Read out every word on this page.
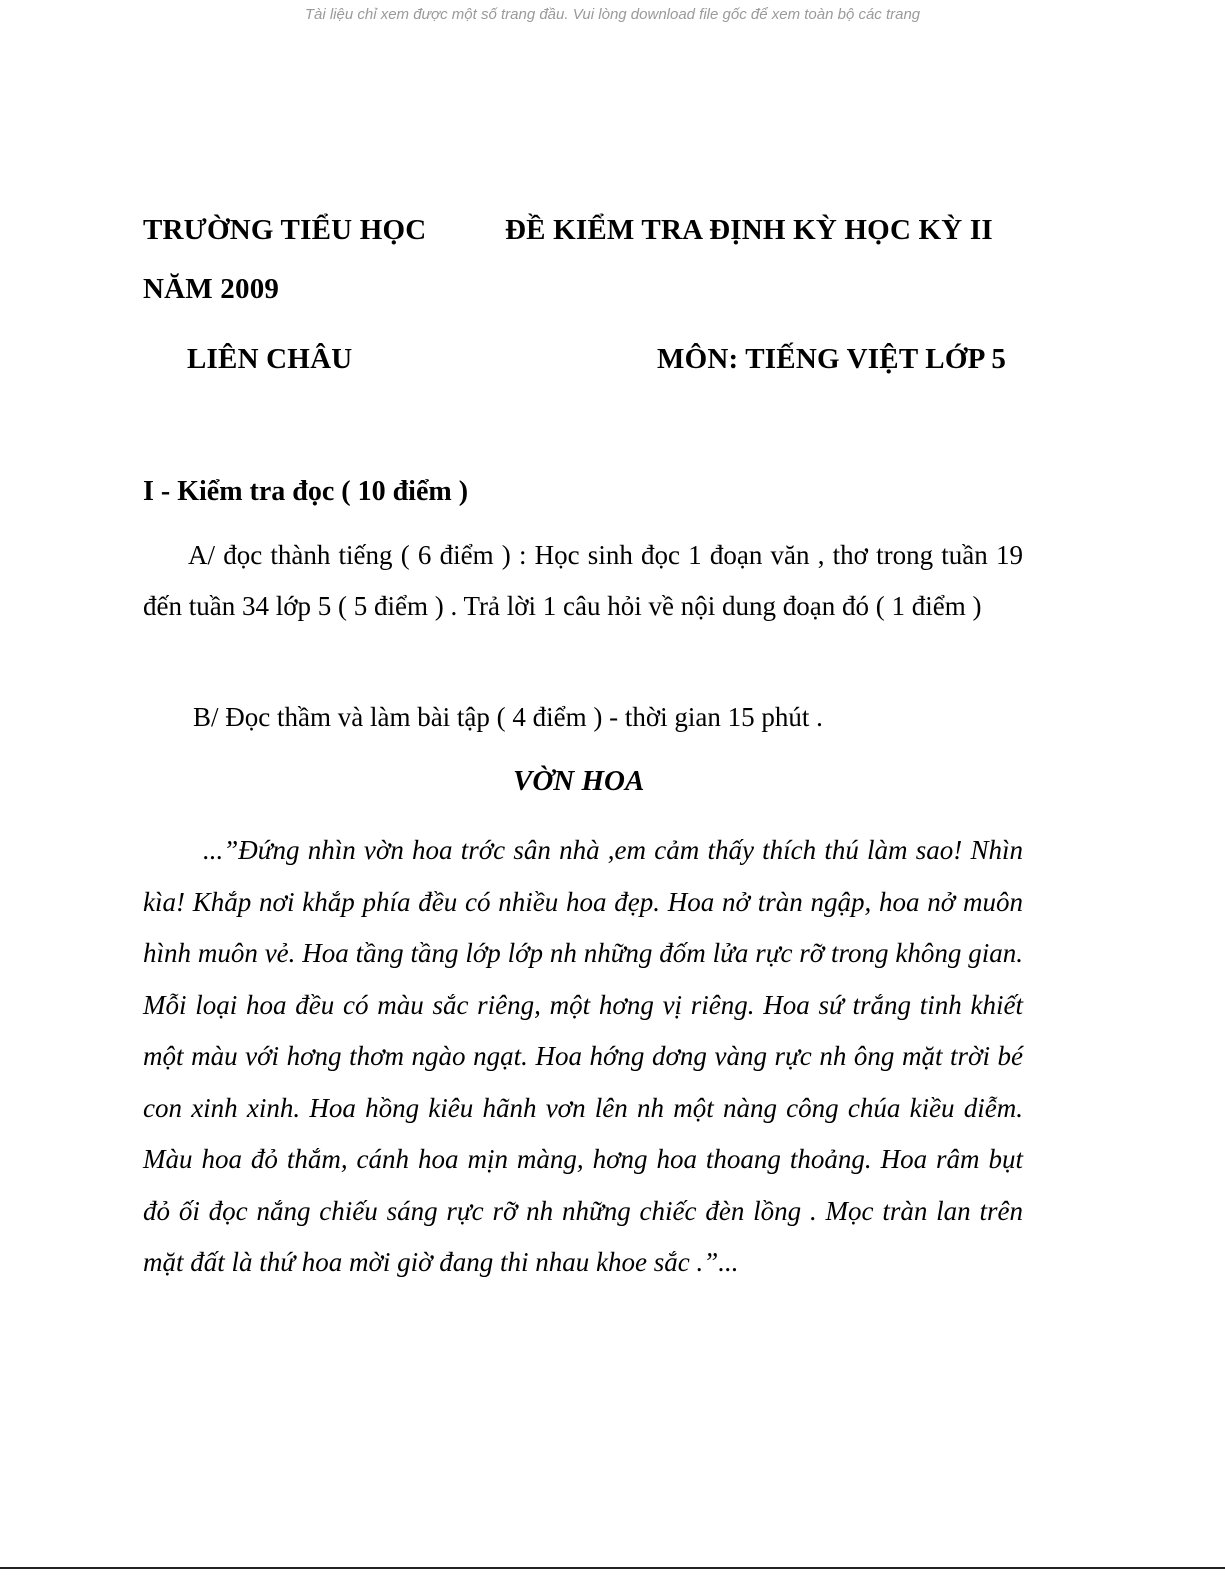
Tài liệu chỉ xem được một số trang đầu. Vui lòng download file gốc để xem toàn bộ các trang
TRƯỜNG TIỂU HỌC	ĐỀ KIỂM TRA ĐỊNH KỲ HỌC KỲ II
NĂM 2009
LIÊN CHÂU	MÔN: TIẾNG VIỆT LỚP 5
I - Kiểm tra đọc ( 10 điểm )
A/ đọc thành tiếng ( 6 điểm ) : Học sinh đọc 1 đoạn văn , thơ trong tuần 19 đến tuần 34 lớp 5 ( 5 điểm ) . Trả lời 1 câu hỏi về nội dung đoạn đó ( 1 điểm )
B/ Đọc thầm và làm bài tập ( 4 điểm ) - thời gian 15 phút .
VỜN HOA
...”Đứng nhìn vờn hoa trớc sân nhà ,em cảm thấy thích thú làm sao! Nhìn kìa! Khắp nơi khắp phía đều có nhiều hoa đẹp. Hoa nở tràn ngập, hoa nở muôn hình muôn vẻ. Hoa tầng tầng lớp lớp nh những đốm lửa rực rỡ trong không gian. Mỗi loại hoa đều có màu sắc riêng, một hơng vị riêng. Hoa sứ trắng tinh khiết một màu với hơng thơm ngào ngạt. Hoa hớng dơng vàng rực nh ông mặt trời bé con xinh xinh. Hoa hồng kiêu hãnh vơn lên nh một nàng công chúa kiều diễm. Màu hoa đỏ thắm, cánh hoa mịn màng, hơng hoa thoang thoảng. Hoa râm bụt đỏ ối đọc nắng chiếu sáng rực rỡ nh những chiếc đèn lồng . Mọc tràn lan trên mặt đất là thứ hoa mời giờ đang thi nhau khoe sắc .”...
